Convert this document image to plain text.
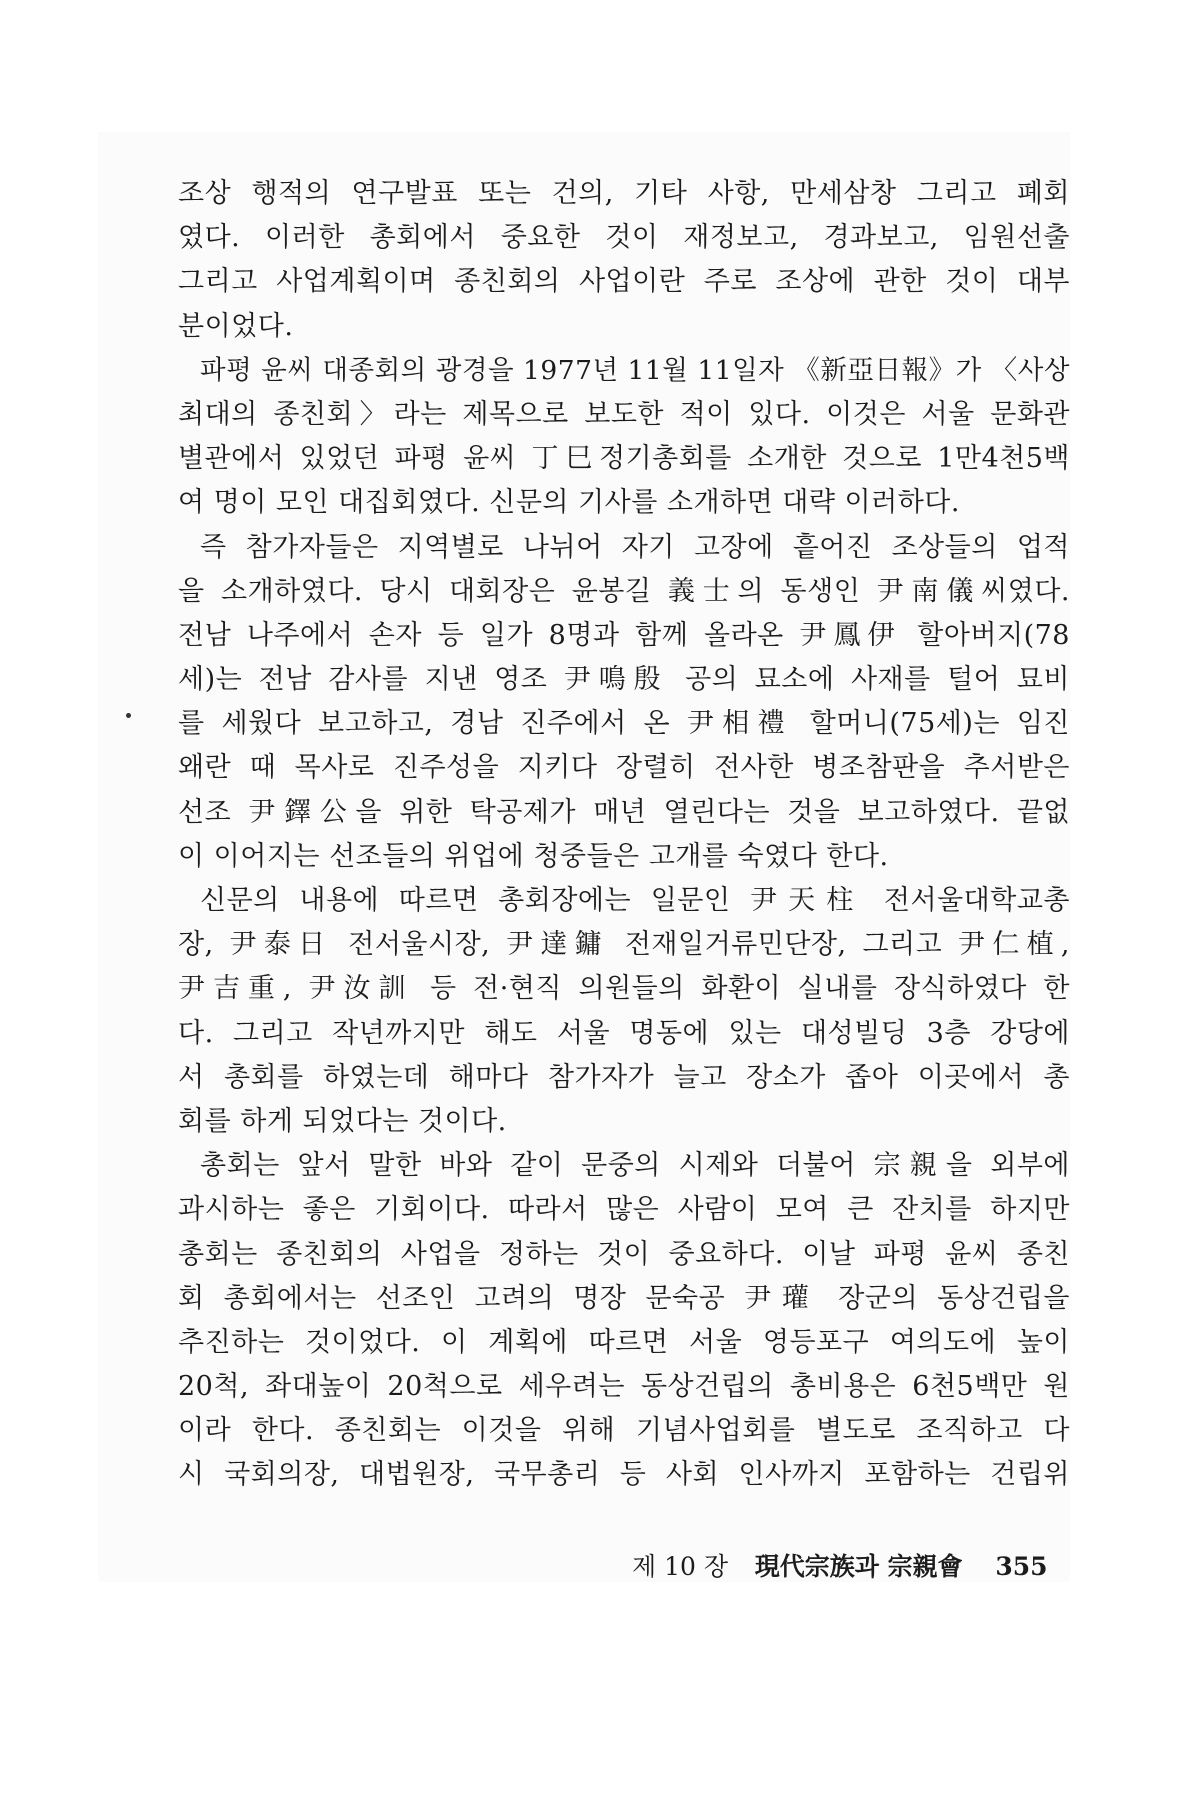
조상 행적의 연구발표 또는 건의, 기타 사항, 만세삼창 그리고 폐회
였다. 이러한 총회에서 중요한 것이 재정보고, 경과보고, 임원선출
그리고 사업계획이며 종친회의 사업이란 주로 조상에 관한 것이 대부
분이었다.
파평 윤씨 대종회의 광경을 1977년 11월 11일자 《新亞日報》가 〈사상
최대의 종친회〉라는 제목으로 보도한 적이 있다. 이것은 서울 문화관
별관에서 있었던 파평 윤씨 丁巳정기총회를 소개한 것으로 1만4천5백
여 명이 모인 대집회였다. 신문의 기사를 소개하면 대략 이러하다.
즉 참가자들은 지역별로 나뉘어 자기 고장에 흩어진 조상들의 업적
을 소개하였다. 당시 대회장은 윤봉길 義士의 동생인 尹南儀씨였다.
전남 나주에서 손자 등 일가 8명과 함께 올라온 尹鳳伊 할아버지(78
세)는 전남 감사를 지낸 영조 尹鳴殷 공의 묘소에 사재를 털어 묘비
를 세웠다 보고하고, 경남 진주에서 온 尹相禮 할머니(75세)는 임진
왜란 때 목사로 진주성을 지키다 장렬히 전사한 병조참판을 추서받은
선조 尹鐸公을 위한 탁공제가 매년 열린다는 것을 보고하였다. 끝없
이 이어지는 선조들의 위업에 청중들은 고개를 숙였다 한다.
신문의 내용에 따르면 총회장에는 일문인 尹天柱 전서울대학교총
장, 尹泰日 전서울시장, 尹達鏞 전재일거류민단장, 그리고 尹仁植,
尹吉重, 尹汝訓 등 전·현직 의원들의 화환이 실내를 장식하였다 한
다. 그리고 작년까지만 해도 서울 명동에 있는 대성빌딩 3층 강당에
서 총회를 하였는데 해마다 참가자가 늘고 장소가 좁아 이곳에서 총
회를 하게 되었다는 것이다.
총회는 앞서 말한 바와 같이 문중의 시제와 더불어 宗親을 외부에
과시하는 좋은 기회이다. 따라서 많은 사람이 모여 큰 잔치를 하지만
총회는 종친회의 사업을 정하는 것이 중요하다. 이날 파평 윤씨 종친
회 총회에서는 선조인 고려의 명장 문숙공 尹瓘 장군의 동상건립을
추진하는 것이었다. 이 계획에 따르면 서울 영등포구 여의도에 높이
20척, 좌대높이 20척으로 세우려는 동상건립의 총비용은 6천5백만 원
이라 한다. 종친회는 이것을 위해 기념사업회를 별도로 조직하고 다
시 국회의장, 대법원장, 국무총리 등 사회 인사까지 포함하는 건립위
제 10 장 現代宗族과 宗親會 355
